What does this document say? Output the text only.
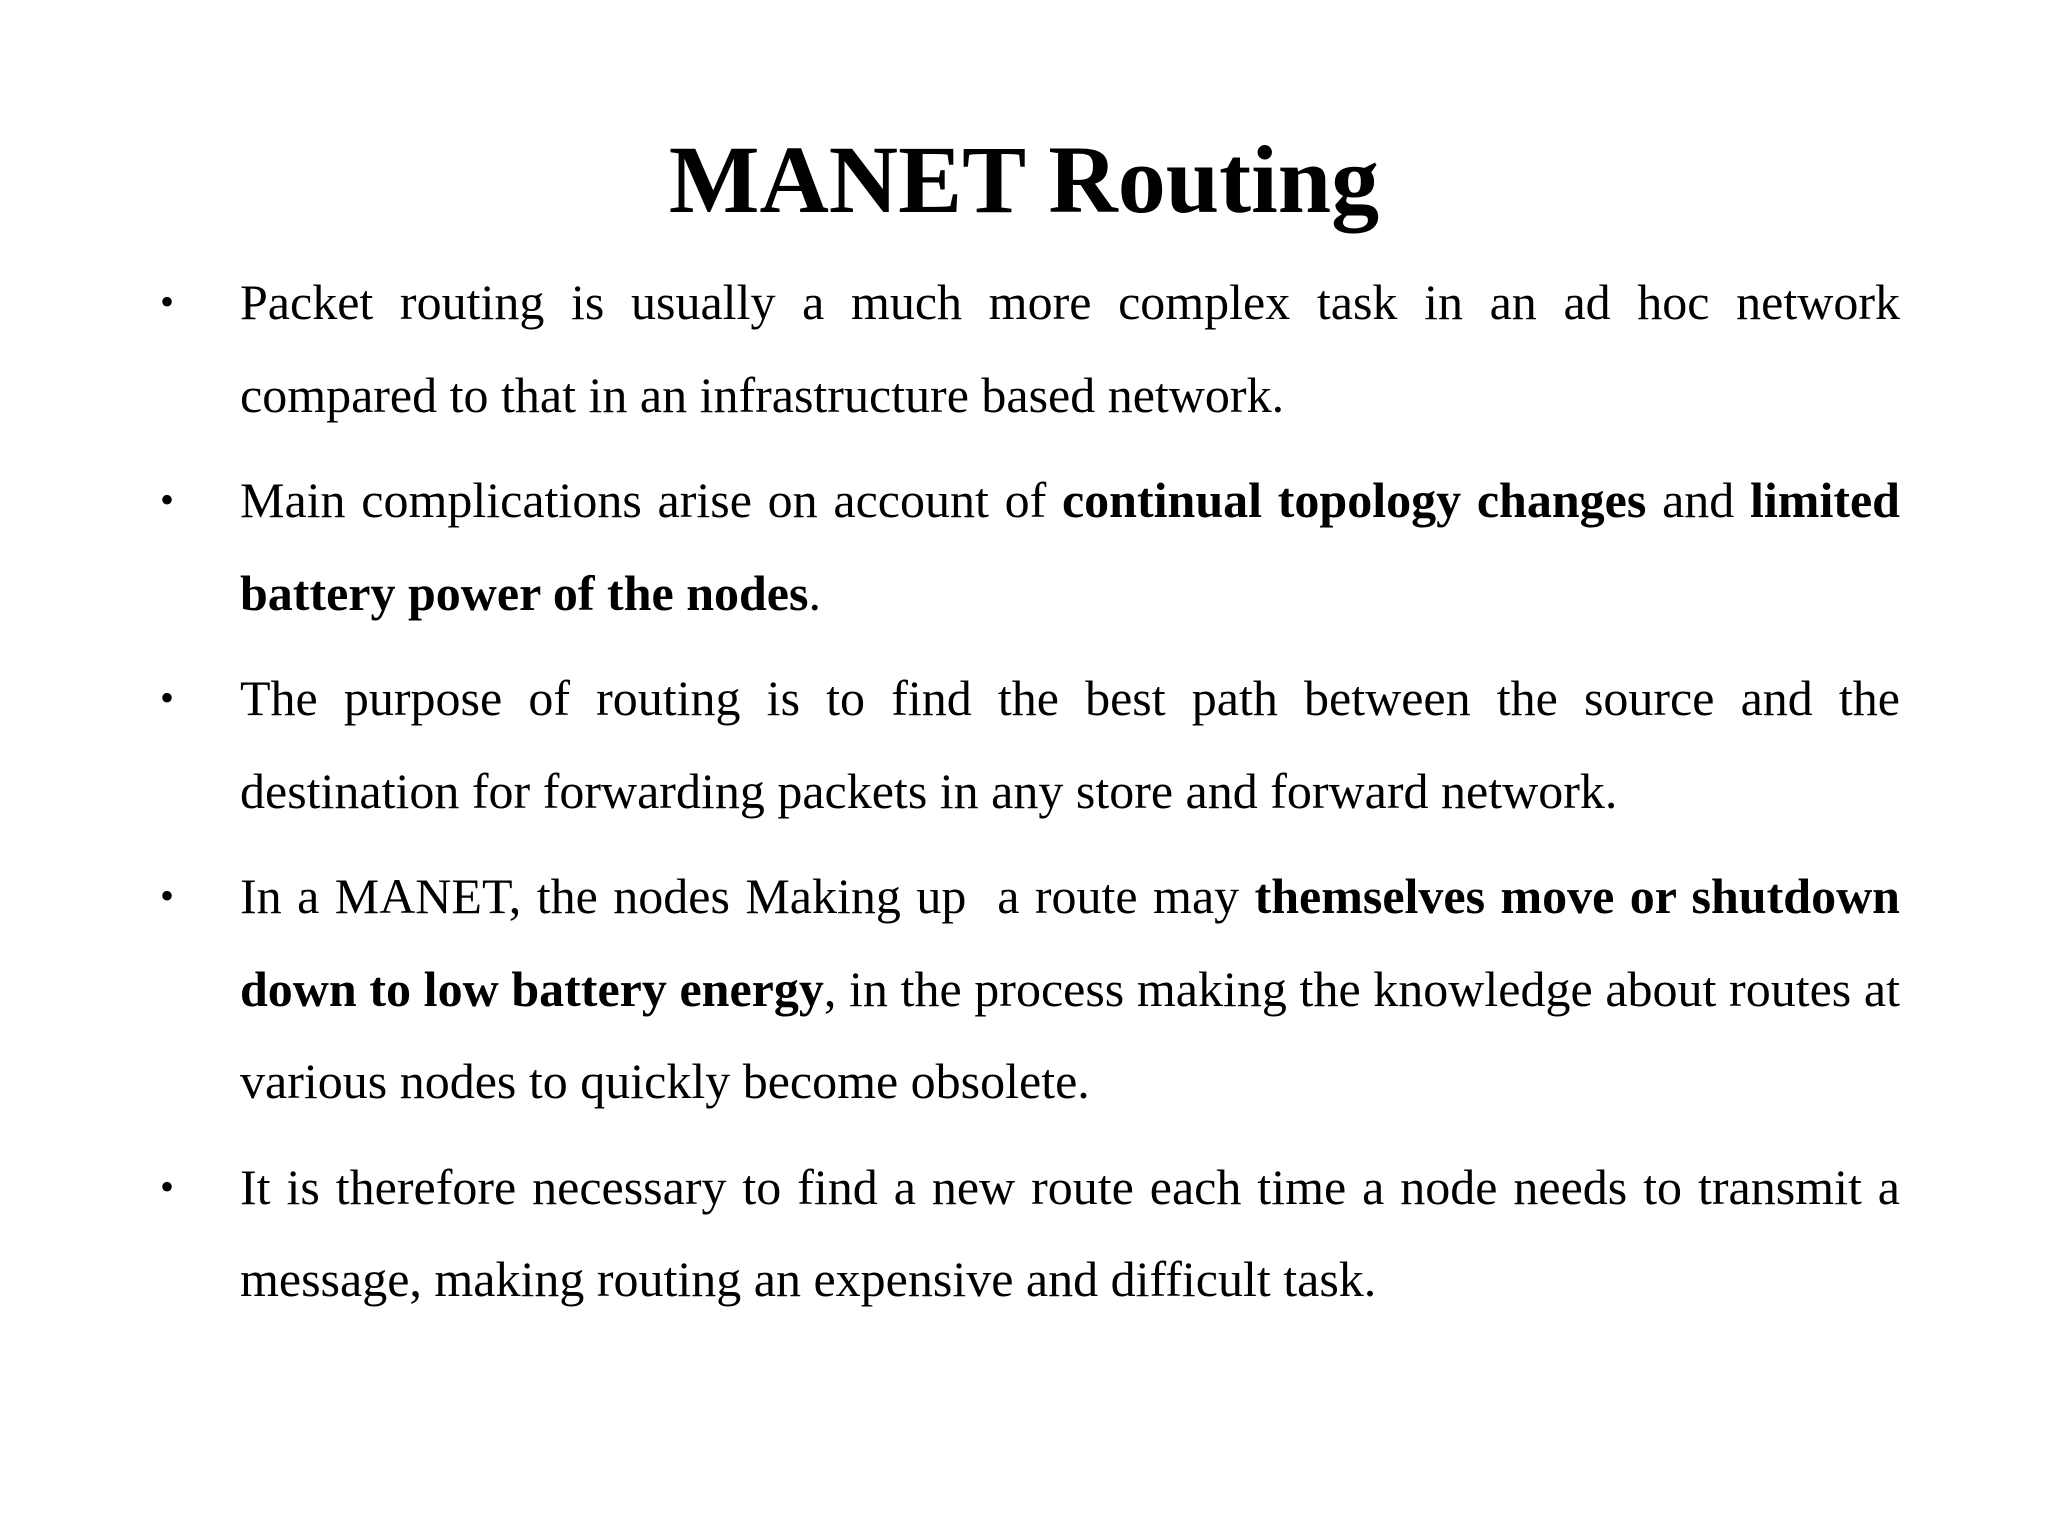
MANET Routing
•	Packet routing is usually a much more complex task in an ad hoc network compared to that in an infrastructure based network.
•	Main complications arise on account of continual topology changes and limited battery power of the nodes.
•	The purpose of routing is to find the best path between the source and the destination for forwarding packets in any store and forward network.
•	In a MANET, the nodes Making up  a route may themselves move or shutdown down to low battery energy, in the process making the knowledge about routes at various nodes to quickly become obsolete.
•	It is therefore necessary to find a new route each time a node needs to transmit a message, making routing an expensive and difficult task.
